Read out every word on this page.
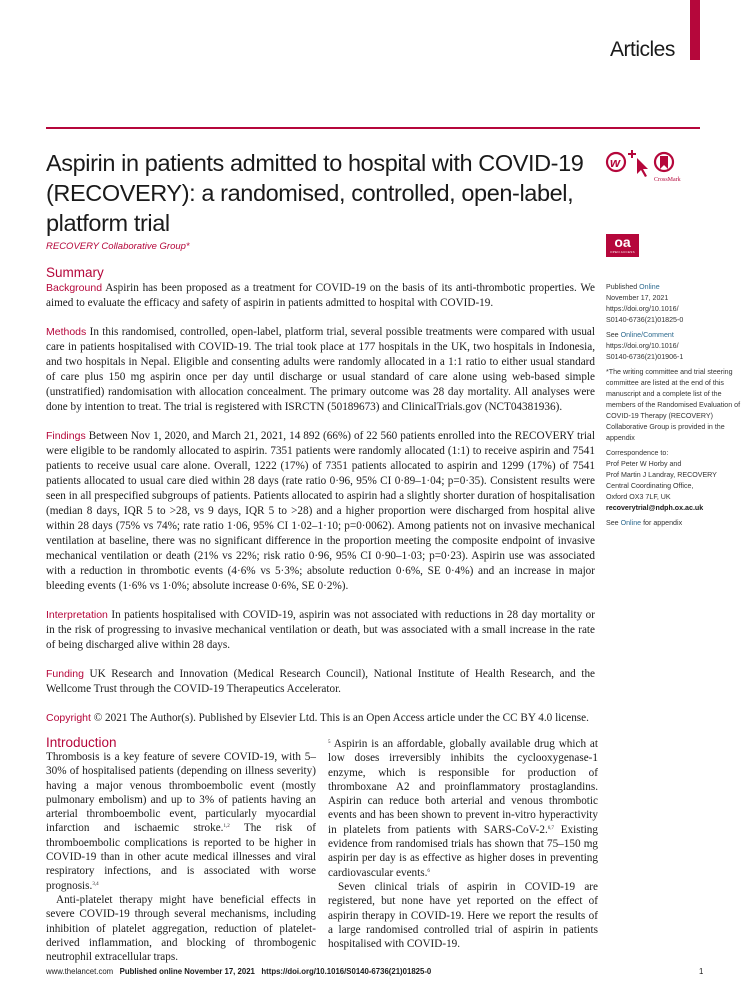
Articles
Aspirin in patients admitted to hospital with COVID-19 (RECOVERY): a randomised, controlled, open-label, platform trial
RECOVERY Collaborative Group*
w
CrossMark
oa
OPEN ACCESS
Summary

Background Aspirin has been proposed as a treatment for COVID-19 on the basis of its anti-thrombotic properties. We aimed to evaluate the efficacy and safety of aspirin in patients admitted to hospital with COVID-19.

Methods In this randomised, controlled, open-label, platform trial, several possible treatments were compared with usual care in patients hospitalised with COVID-19. The trial took place at 177 hospitals in the UK, two hospitals in Indonesia, and two hospitals in Nepal. Eligible and consenting adults were randomly allocated in a 1:1 ratio to either usual standard of care plus 150 mg aspirin once per day until discharge or usual standard of care alone using web-based simple (unstratified) randomisation with allocation concealment. The primary outcome was 28 day mortality. All analyses were done by intention to treat. The trial is registered with ISRCTN (50189673) and ClinicalTrials.gov (NCT04381936).

Findings Between Nov 1, 2020, and March 21, 2021, 14 892 (66%) of 22 560 patients enrolled into the RECOVERY trial were eligible to be randomly allocated to aspirin. 7351 patients were randomly allocated (1:1) to receive aspirin and 7541 patients to receive usual care alone. Overall, 1222 (17%) of 7351 patients allocated to aspirin and 1299 (17%) of 7541 patients allocated to usual care died within 28 days (rate ratio 0·96, 95% CI 0·89–1·04; p=0·35). Consistent results were seen in all prespecified subgroups of patients. Patients allocated to aspirin had a slightly shorter duration of hospitalisation (median 8 days, IQR 5 to >28, vs 9 days, IQR 5 to >28) and a higher proportion were discharged from hospital alive within 28 days (75% vs 74%; rate ratio 1·06, 95% CI 1·02–1·10; p=0·0062). Among patients not on invasive mechanical ventilation at baseline, there was no significant difference in the proportion meeting the composite endpoint of invasive mechanical ventilation or death (21% vs 22%; risk ratio 0·96, 95% CI 0·90–1·03; p=0·23). Aspirin use was associated with a reduction in thrombotic events (4·6% vs 5·3%; absolute reduction 0·6%, SE 0·4%) and an increase in major bleeding events (1·6% vs 1·0%; absolute increase 0·6%, SE 0·2%).

Interpretation In patients hospitalised with COVID-19, aspirin was not associated with reductions in 28 day mortality or in the risk of progressing to invasive mechanical ventilation or death, but was associated with a small increase in the rate of being discharged alive within 28 days.

Funding UK Research and Innovation (Medical Research Council), National Institute of Health Research, and the Wellcome Trust through the COVID-19 Therapeutics Accelerator.

Copyright © 2021 The Author(s). Published by Elsevier Ltd. This is an Open Access article under the CC BY 4.0 license.

Published Online
November 17, 2021
https://doi.org/10.1016/
S0140-6736(21)01825-0
See Online/Comment
https://doi.org/10.1016/
S0140-6736(21)01906-1
*The writing committee and trial steering committee are listed at the end of this manuscript and a complete list of the members of the Randomised Evaluation of COVID-19 Therapy (RECOVERY) Collaborative Group is provided in the appendix
Correspondence to:
Prof Peter W Horby and
Prof Martin J Landray, RECOVERY
Central Coordinating Office,
Oxford OX3 7LF, UK
recoverytrial@ndph.ox.ac.uk
See Online for appendix
Introduction

Thrombosis is a key feature of severe COVID-19, with 5–30% of hospitalised patients (depending on illness severity) having a major venous thromboembolic event (mostly pulmonary embolism) and up to 3% of patients having an arterial thromboembolic event, particularly myocardial infarction and ischaemic stroke.$^{1,2}$ The risk of thromboembolic complications is reported to be higher in COVID-19 than in other acute medical illnesses and viral respiratory infections, and is associated with worse prognosis.$^{3,4}$

Anti-platelet therapy might have beneficial effects in severe COVID-19 through several mechanisms, including inhibition of platelet aggregation, reduction of platelet-derived inflammation, and blocking of thrombogenic neutrophil extracellular traps.

$^5$ Aspirin is an affordable, globally available drug which at low doses irreversibly inhibits the cyclooxygenase-1 enzyme, which is responsible for production of thromboxane A2 and proinflammatory prostaglandins. Aspirin can reduce both arterial and venous thrombotic events and has been shown to prevent in-vitro hyperactivity in platelets from patients with SARS-CoV-2.$^{6,7}$ Existing evidence from randomised trials has shown that 75–150 mg aspirin per day is as effective as higher doses in preventing cardiovascular events.$^6$

Seven clinical trials of aspirin in COVID-19 are registered, but none have yet reported on the effect of aspirin therapy in COVID-19. Here we report the results of a large randomised controlled trial of aspirin in patients hospitalised with COVID-19.

www.thelancet.com Published online November 17, 2021 https://doi.org/10.1016/S0140-6736(21)01825-0	1
